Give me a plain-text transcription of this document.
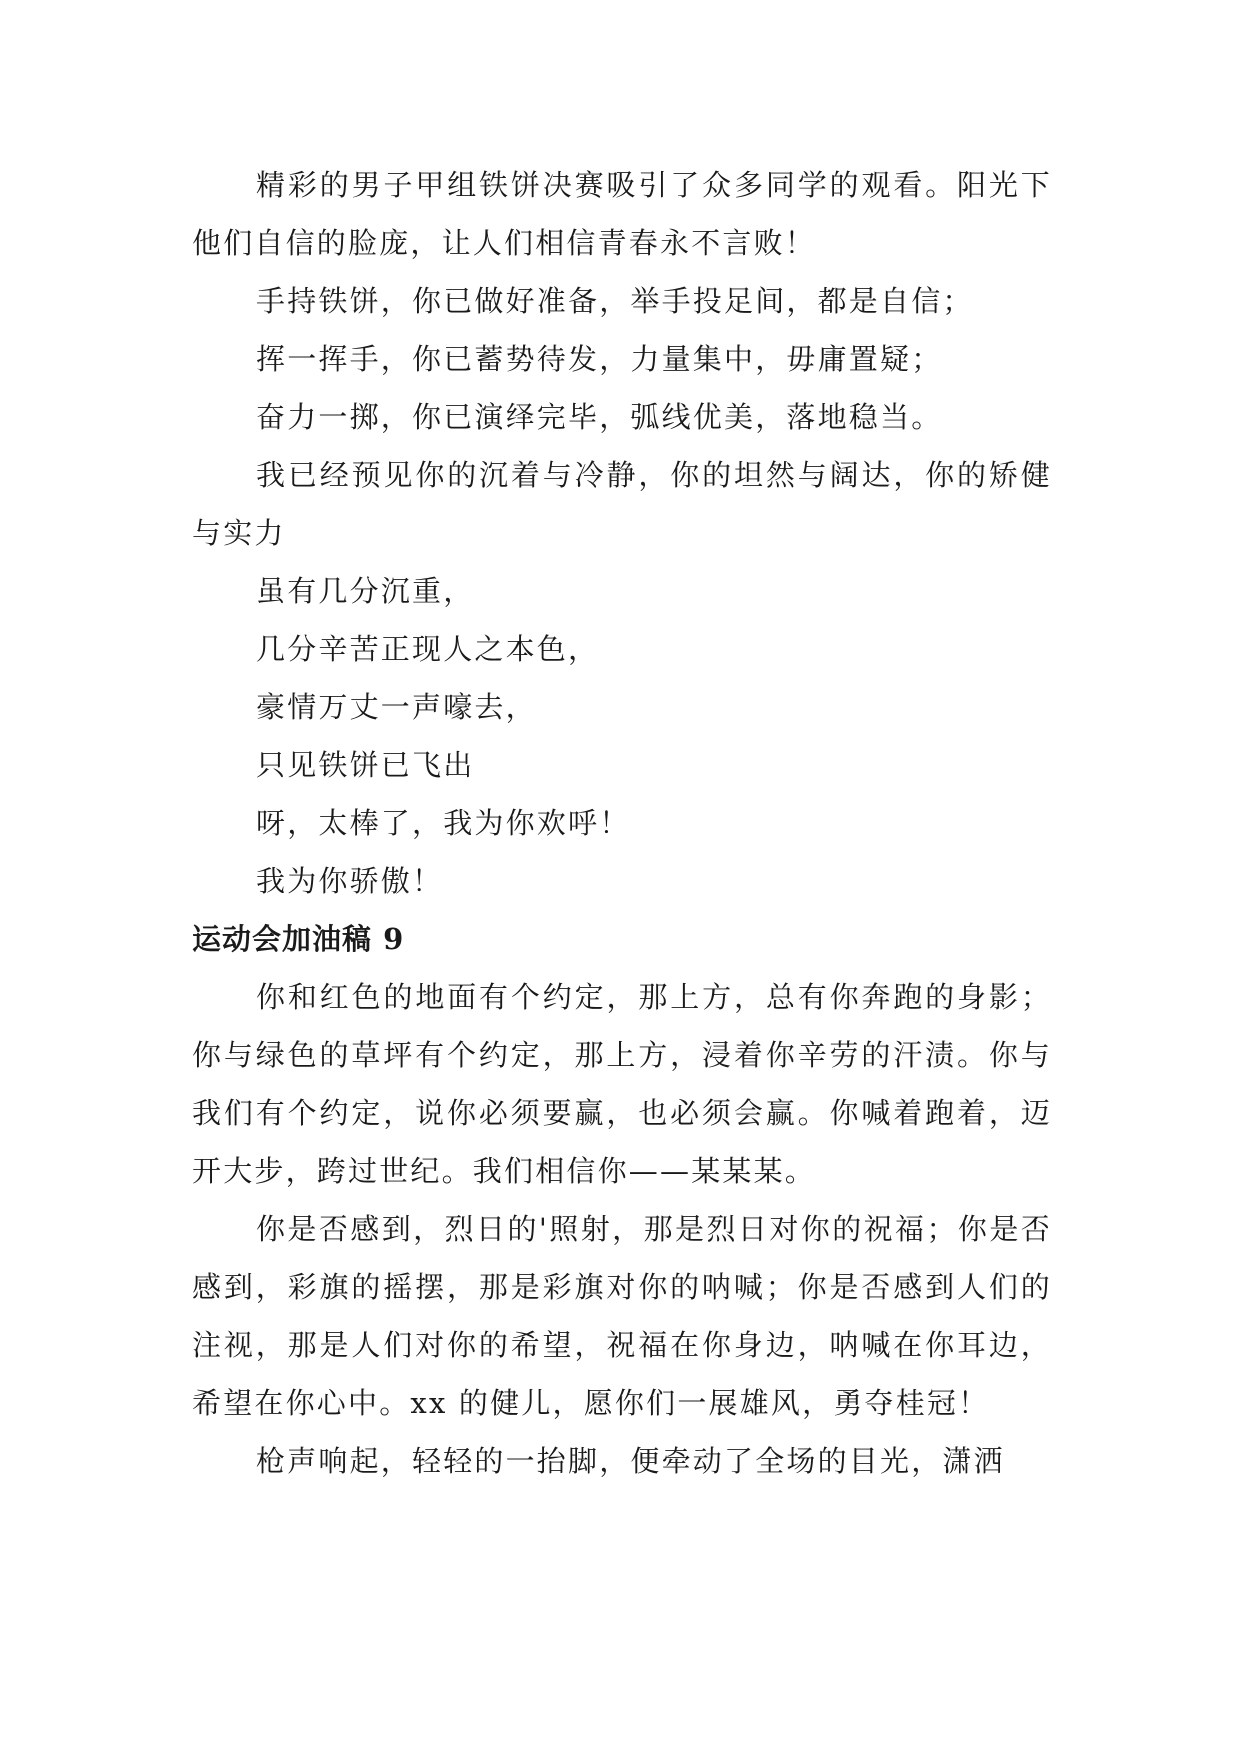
精彩的男子甲组铁饼决赛吸引了众多同学的观看。阳光下他们自信的脸庞，让人们相信青春永不言败！

手持铁饼，你已做好准备，举手投足间，都是自信；

挥一挥手，你已蓄势待发，力量集中，毋庸置疑；

奋力一掷，你已演绎完毕，弧线优美，落地稳当。

我已经预见你的沉着与冷静，你的坦然与阔达，你的矫健与实力

虽有几分沉重，

几分辛苦正现人之本色，

豪情万丈一声嚎去，

只见铁饼已飞出

呀，太棒了，我为你欢呼！

我为你骄傲！

运动会加油稿 9

你和红色的地面有个约定，那上方，总有你奔跑的身影；你与绿色的草坪有个约定，那上方，浸着你辛劳的汗渍。你与我们有个约定，说你必须要赢，也必须会赢。你喊着跑着，迈开大步，跨过世纪。我们相信你——某某某。

你是否感到，烈日的'照射，那是烈日对你的祝福；你是否感到，彩旗的摇摆，那是彩旗对你的呐喊；你是否感到人们的注视，那是人们对你的希望，祝福在你身边，呐喊在你耳边，希望在你心中。xx 的健儿，愿你们一展雄风，勇夺桂冠！

枪声响起，轻轻的一抬脚，便牵动了全场的目光，潇洒
